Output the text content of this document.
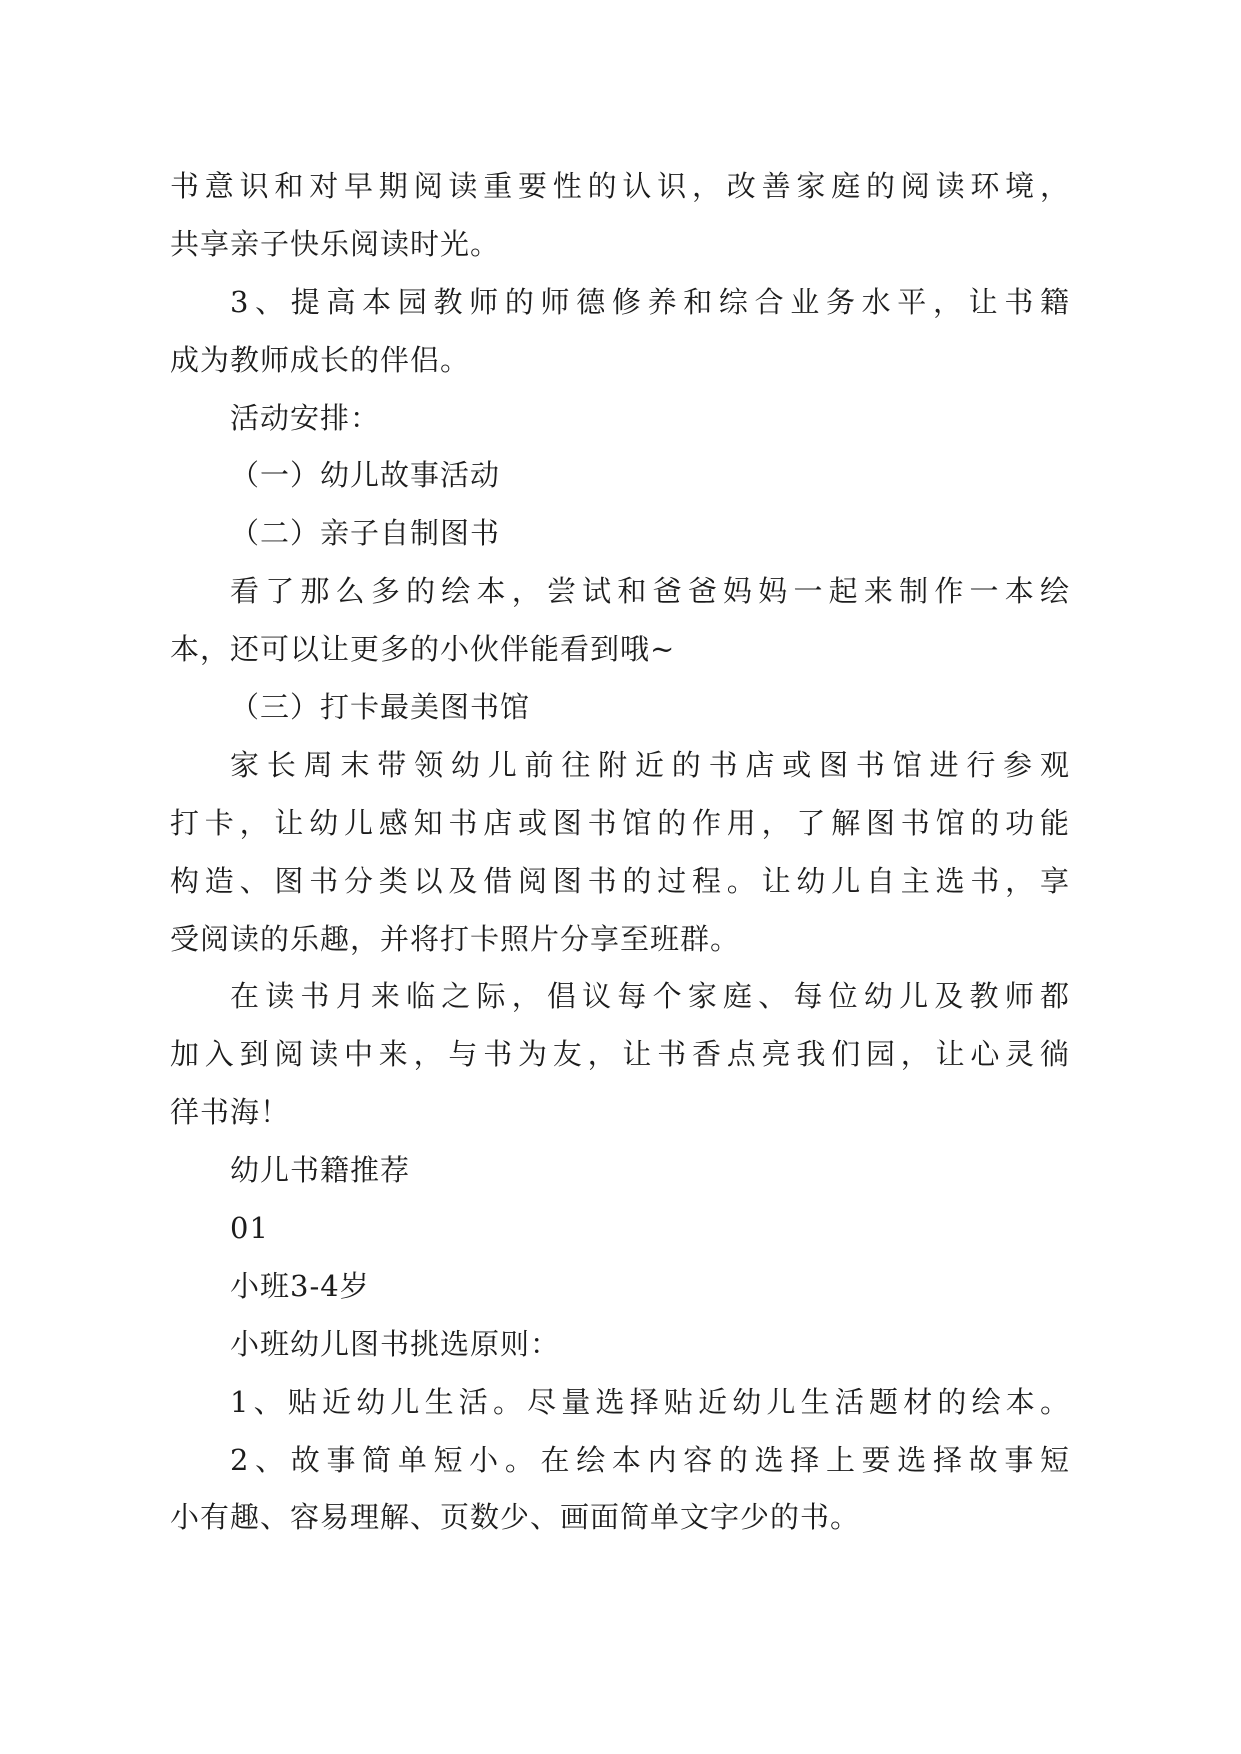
书意识和对早期阅读重要性的认识，改善家庭的阅读环境，
共享亲子快乐阅读时光。
3、提高本园教师的师德修养和综合业务水平，让书籍
成为教师成长的伴侣。
活动安排：
（一）幼儿故事活动
（二）亲子自制图书
看了那么多的绘本，尝试和爸爸妈妈一起来制作一本绘
本，还可以让更多的小伙伴能看到哦~
（三）打卡最美图书馆
家长周末带领幼儿前往附近的书店或图书馆进行参观
打卡，让幼儿感知书店或图书馆的作用，了解图书馆的功能
构造、图书分类以及借阅图书的过程。让幼儿自主选书，享
受阅读的乐趣，并将打卡照片分享至班群。
在读书月来临之际，倡议每个家庭、每位幼儿及教师都
加入到阅读中来，与书为友，让书香点亮我们园，让心灵徜
徉书海！
幼儿书籍推荐
01
小班3-4岁
小班幼儿图书挑选原则：
1、贴近幼儿生活。尽量选择贴近幼儿生活题材的绘本。
2、故事简单短小。在绘本内容的选择上要选择故事短
小有趣、容易理解、页数少、画面简单文字少的书。
